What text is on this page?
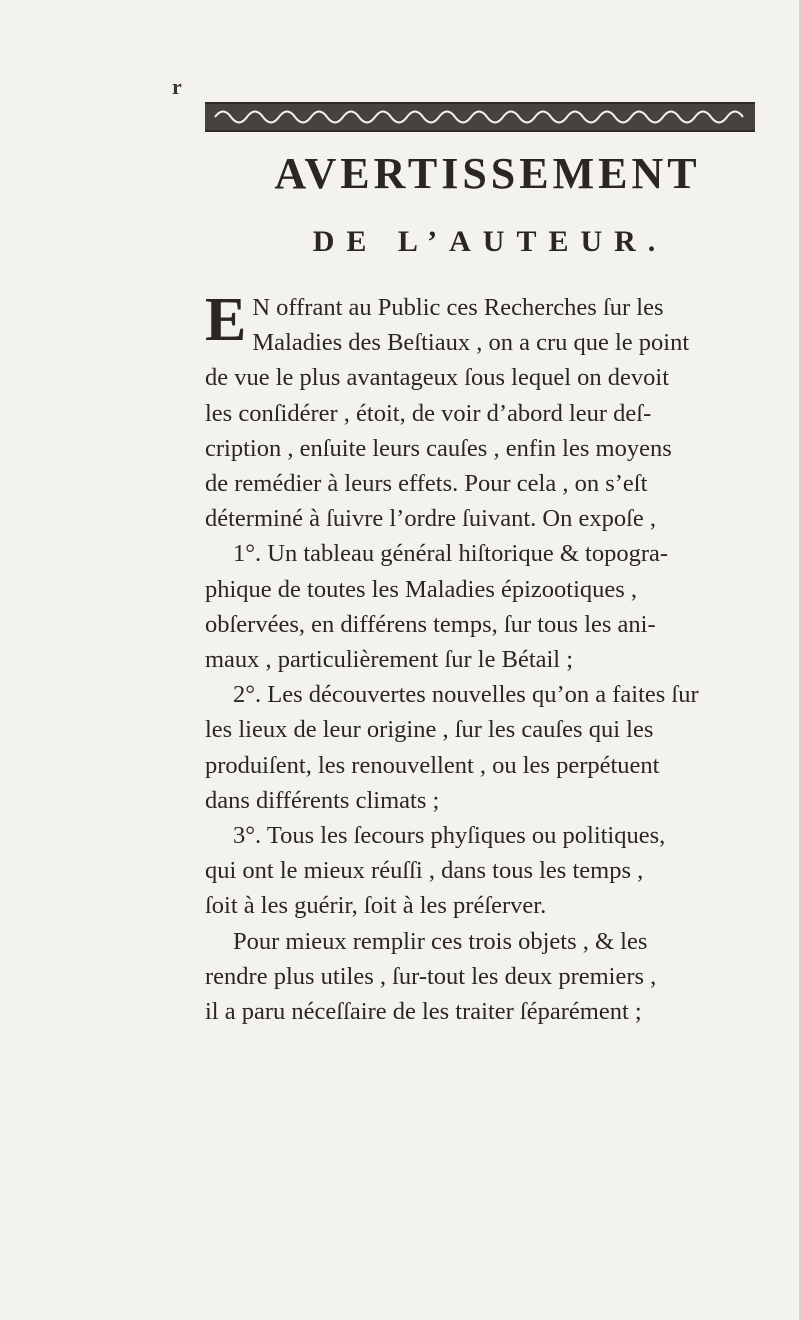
r
AVERTISSEMENT
DE L’AUTEUR.
E N offrant au Public ces Recherches ſur les
Maladies des Beſtiaux , on a cru que le point
de vue le plus avantageux ſous lequel on devoit
les conſidérer , étoit, de voir d’abord leur deſ-
cription , enſuite leurs cauſes , enfin les moyens
de remédier à leurs effets. Pour cela , on s’eſt
déterminé à ſuivre l’ordre ſuivant. On expoſe ,
1°. Un tableau général hiſtorique & topogra-
phique de toutes les Maladies épizootiques ,
obſervées, en différens temps, ſur tous les ani-
maux , particulièrement ſur le Bétail ;
2°. Les découvertes nouvelles qu’on a faites ſur
les lieux de leur origine , ſur les cauſes qui les
produiſent, les renouvellent , ou les perpétuent
dans différents climats ;
3°. Tous les ſecours phyſiques ou politiques,
qui ont le mieux réuſſi , dans tous les temps ,
ſoit à les guérir, ſoit à les préſerver.
Pour mieux remplir ces trois objets , & les
rendre plus utiles , ſur-tout les deux premiers ,
il a paru néceſſaire de les traiter ſéparément ;
